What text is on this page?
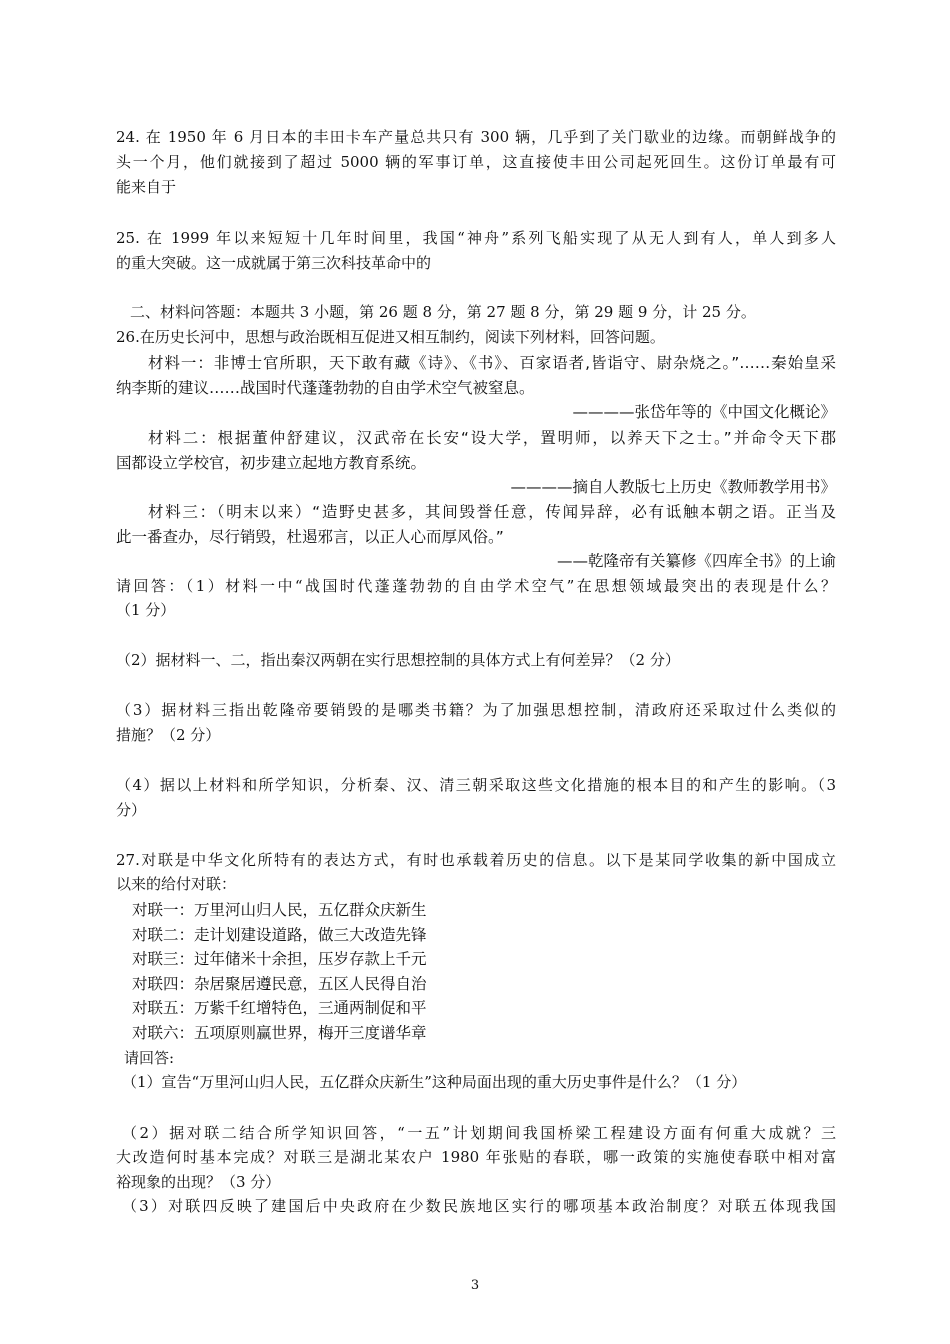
24. 在 1950 年 6 月日本的丰田卡车产量总共只有 300 辆，几乎到了关门歇业的边缘。而朝鲜战争的
头一个月，他们就接到了超过 5000 辆的军事订单，这直接使丰田公司起死回生。这份订单最有可
能来自于
25. 在 1999 年以来短短十几年时间里，我国“神舟”系列飞船实现了从无人到有人，单人到多人
的重大突破。这一成就属于第三次科技革命中的
二、材料问答题：本题共 3 小题，第 26 题 8 分，第 27 题 8 分，第 29 题 9 分，计 25 分。
26.在历史长河中，思想与政治既相互促进又相互制约，阅读下列材料，回答问题。
材料一：非博士官所职，天下敢有藏《诗》、《书》、百家语者,皆诣守、尉杂烧之。”……秦始皇采
纳李斯的建议……战国时代蓬蓬勃勃的自由学术空气被窒息。
————张岱年等的《中国文化概论》
材料二：根据董仲舒建议，汉武帝在长安“设大学，置明师，以养天下之士。”并命令天下郡
国都设立学校官，初步建立起地方教育系统。
————摘自人教版七上历史《教师教学用书》
材料三：（明末以来）“造野史甚多，其间毁誉任意，传闻异辞，必有诋触本朝之语。正当及
此一番查办，尽行销毁，杜遏邪言，以正人心而厚风俗。”
——乾隆帝有关纂修《四库全书》的上谕
请回答：（1）材料一中“战国时代蓬蓬勃勃的自由学术空气”在思想领域最突出的表现是什么？
（1 分）
（2）据材料一、二，指出秦汉两朝在实行思想控制的具体方式上有何差异？（2 分）
（3）据材料三指出乾隆帝要销毁的是哪类书籍？为了加强思想控制，清政府还采取过什么类似的
措施？（2 分）
（4）据以上材料和所学知识，分析秦、汉、清三朝采取这些文化措施的根本目的和产生的影响。（3
分）
27.对联是中华文化所特有的表达方式，有时也承载着历史的信息。以下是某同学收集的新中国成立
以来的给付对联：
对联一：万里河山归人民，五亿群众庆新生
对联二：走计划建设道路，做三大改造先锋
对联三：过年储米十余担，压岁存款上千元
对联四：杂居聚居遵民意，五区人民得自治
对联五：万紫千红增特色，三通两制促和平
对联六：五项原则赢世界，梅开三度谱华章
请回答:
（1）宣告“万里河山归人民，五亿群众庆新生”这种局面出现的重大历史事件是什么？（1 分）
（2）据对联二结合所学知识回答，“一五”计划期间我国桥梁工程建设方面有何重大成就？三
大改造何时基本完成？对联三是湖北某农户 1980 年张贴的春联，哪一政策的实施使春联中相对富
裕现象的出现？（3 分）
（3）对联四反映了建国后中央政府在少数民族地区实行的哪项基本政治制度？对联五体现我国
3
